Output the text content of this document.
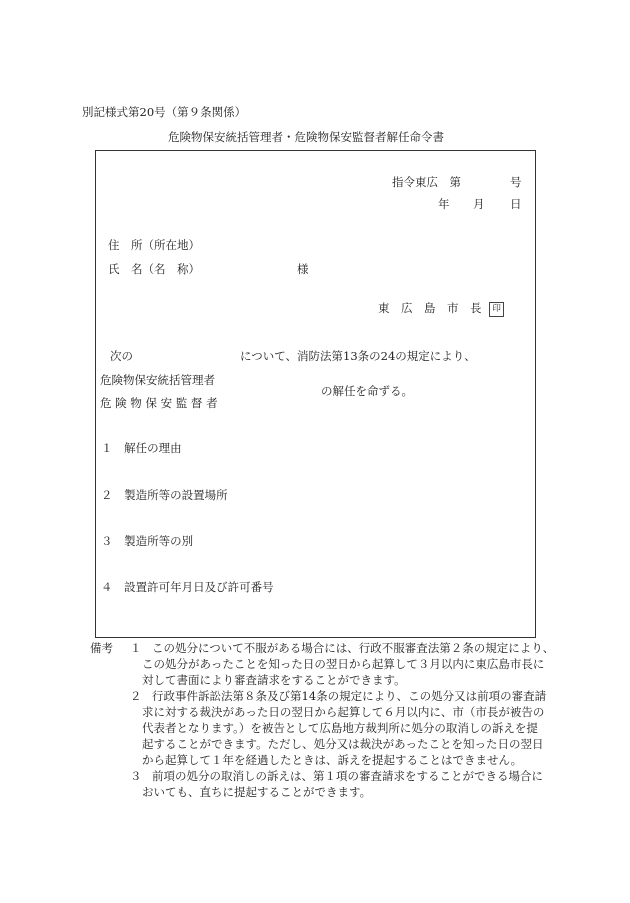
別記様式第20号（第９条関係）
危険物保安統括管理者・危険物保安監督者解任命令書
指令東広　第	号
年 月 日
住　所（所在地）
氏　名（名　称）	様
東　広　島　市　長 印
次の	について、消防法第13条の24の規定により、
危険物保安統括管理者
危 険 物 保 安 監 督 者
の解任を命ずる。
１ 解任の理由
２ 製造所等の設置場所
３ 製造所等の別
４ 設置許可年月日及び許可番号
備考 １ この処分について不服がある場合には、行政不服審査法第２条の規定により、
この処分があったことを知った日の翌日から起算して３月以内に東広島市長に
対して書面により審査請求をすることができます。
２ 行政事件訴訟法第８条及び第14条の規定により、この処分又は前項の審査請
求に対する裁決があった日の翌日から起算して６月以内に、市（市長が被告の
代表者となります。）を被告として広島地方裁判所に処分の取消しの訴えを提
起することができます。ただし、処分又は裁決があったことを知った日の翌日
から起算して１年を経過したときは、訴えを提起することはできません。
３ 前項の処分の取消しの訴えは、第１項の審査請求をすることができる場合に
おいても、直ちに提起することができます。
